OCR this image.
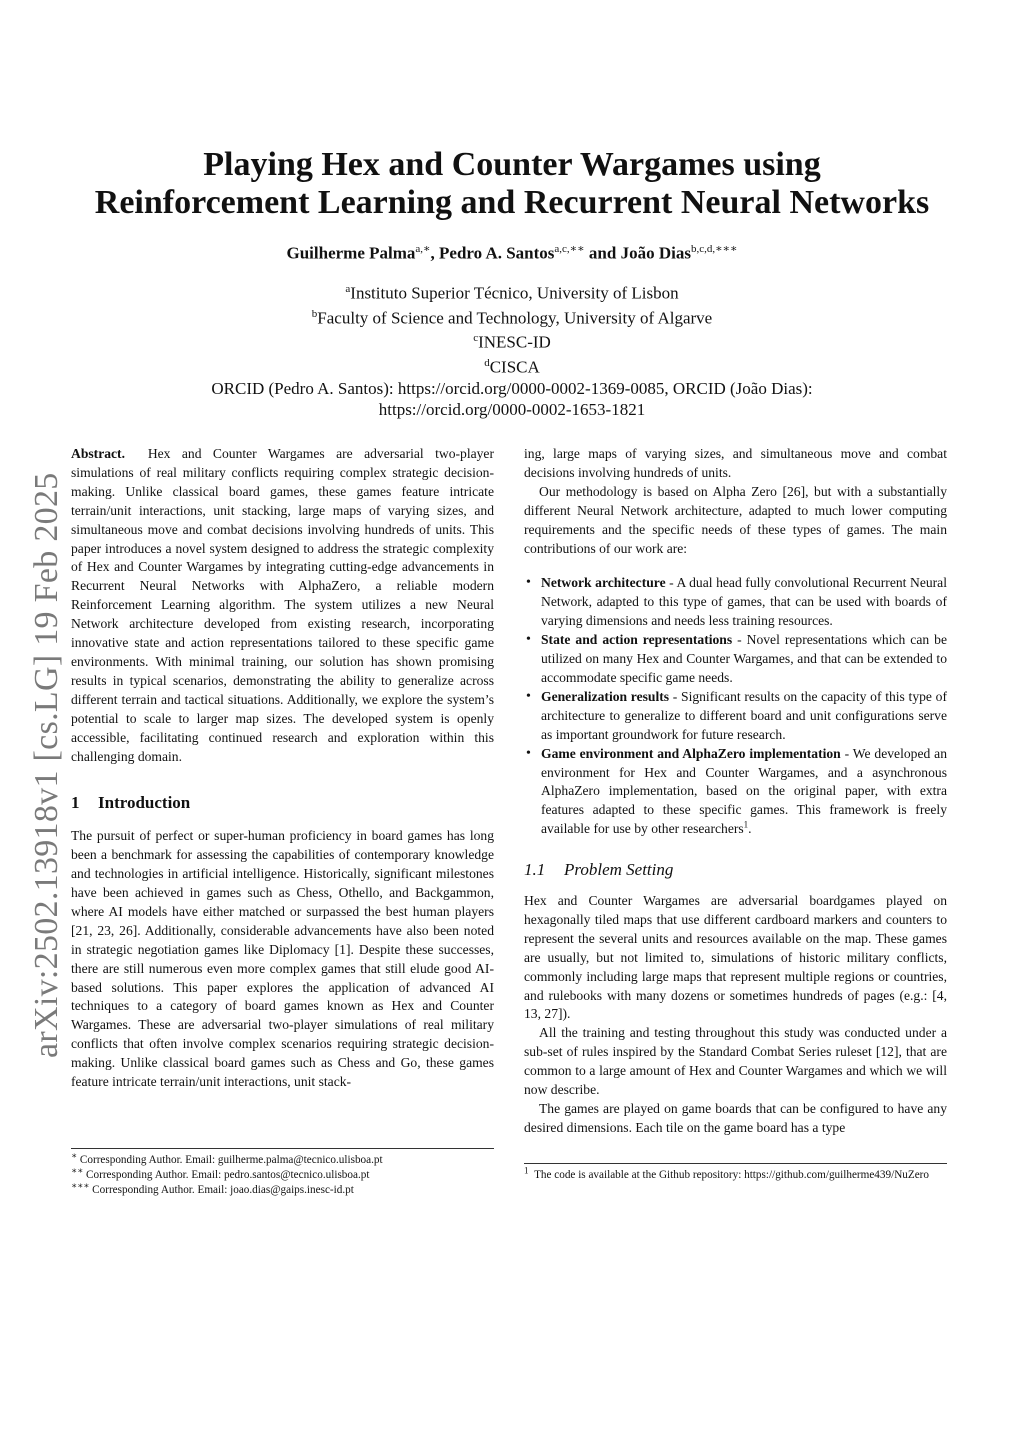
Playing Hex and Counter Wargames using
Reinforcement Learning and Recurrent Neural Networks
Guilherme Palma$^{a,∗}$, Pedro A. Santos$^{a,c,∗∗}$ and João Dias$^{b,c,d,∗∗∗}$
$^a$Instituto Superior Técnico, University of Lisbon
$^b$Faculty of Science and Technology, University of Algarve
$^c$INESC-ID
$^d$CISCA
ORCID (Pedro A. Santos): https://orcid.org/0000-0002-1369-0085, ORCID (João Dias):
https://orcid.org/0000-0002-1653-1821
arXiv:2502.13918v1 [cs.LG] 19 Feb 2025

Abstract. Hex and Counter Wargames are adversarial two-player simulations of real military conflicts requiring complex strategic decision-making. Unlike classical board games, these games feature intricate terrain/unit interactions, unit stacking, large maps of varying sizes, and simultaneous move and combat decisions involving hundreds of units. This paper introduces a novel system designed to address the strategic complexity of Hex and Counter Wargames by integrating cutting-edge advancements in Recurrent Neural Networks with AlphaZero, a reliable modern Reinforcement Learning algorithm. The system utilizes a new Neural Network architecture developed from existing research, incorporating innovative state and action representations tailored to these specific game environments. With minimal training, our solution has shown promising results in typical scenarios, demonstrating the ability to generalize across different terrain and tactical situations. Additionally, we explore the system’s potential to scale to larger map sizes. The developed system is openly accessible, facilitating continued research and exploration within this challenging domain.

1 Introduction

The pursuit of perfect or super-human proficiency in board games has long been a benchmark for assessing the capabilities of contemporary knowledge and technologies in artificial intelligence. Historically, significant milestones have been achieved in games such as Chess, Othello, and Backgammon, where AI models have either matched or surpassed the best human players [21, 23, 26]. Additionally, considerable advancements have also been noted in strategic negotiation games like Diplomacy [1]. Despite these successes, there are still numerous even more complex games that still elude good AI-based solutions. This paper explores the application of advanced AI techniques to a category of board games known as Hex and Counter Wargames. These are adversarial two-player simulations of real military conflicts that often involve complex scenarios requiring strategic decision-making. Unlike classical board games such as Chess and Go, these games feature intricate terrain/unit interactions, unit stack-

∗ Corresponding Author. Email: guilherme.palma@tecnico.ulisboa.pt

∗∗ Corresponding Author. Email: pedro.santos@tecnico.ulisboa.pt

∗∗∗ Corresponding Author. Email: joao.dias@gaips.inesc-id.pt

ing, large maps of varying sizes, and simultaneous move and combat decisions involving hundreds of units.

Our methodology is based on Alpha Zero [26], but with a substantially different Neural Network architecture, adapted to much lower computing requirements and the specific needs of these types of games. The main contributions of our work are:

• Network architecture - A dual head fully convolutional Recurrent Neural Network, adapted to this type of games, that can be used with boards of varying dimensions and needs less training resources.
• State and action representations - Novel representations which can be utilized on many Hex and Counter Wargames, and that can be extended to accommodate specific game needs.
• Generalization results - Significant results on the capacity of this type of architecture to generalize to different board and unit configurations serve as important groundwork for future research.
• Game environment and AlphaZero implementation - We developed an environment for Hex and Counter Wargames, and a asynchronous AlphaZero implementation, based on the original paper, with extra features adapted to these specific games. This framework is freely available for use by other researchers$^1$.
1.1 Problem Setting

Hex and Counter Wargames are adversarial boardgames played on hexagonally tiled maps that use different cardboard markers and counters to represent the several units and resources available on the map. These games are usually, but not limited to, simulations of historic military conflicts, commonly including large maps that represent multiple regions or countries, and rulebooks with many dozens or sometimes hundreds of pages (e.g.: [4, 13, 27]).

All the training and testing throughout this study was conducted under a sub-set of rules inspired by the Standard Combat Series ruleset [12], that are common to a large amount of Hex and Counter Wargames and which we will now describe.

The games are played on game boards that can be configured to have any desired dimensions. Each tile on the game board has a type

$^1$ The code is available at the Github repository: https://github.com/guilherme439/NuZero
